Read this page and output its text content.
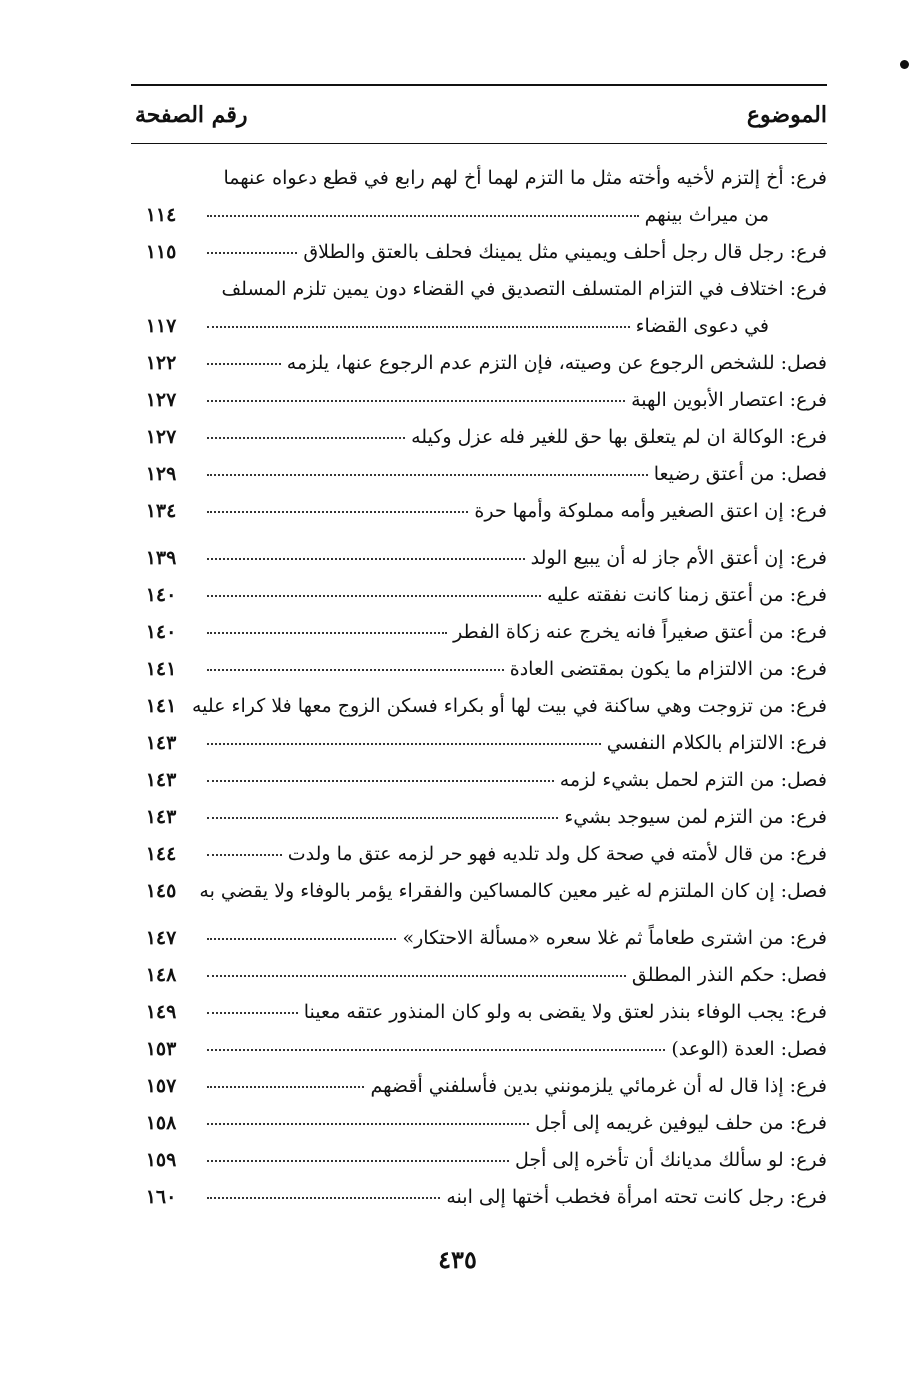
الموضوع
رقم الصفحة
فرع: أخ إلتزم لأخيه وأخته مثل ما التزم لهما أخ لهم رابع في قطع دعواه عنهما
من ميراث بينهم
١١٤
فرع: رجل قال رجل أحلف ويميني مثل يمينك فحلف بالعتق والطلاق
١١٥
فرع: اختلاف في التزام المتسلف التصديق في القضاء دون يمين تلزم المسلف
في دعوى القضاء
١١٧
فصل: للشخص الرجوع عن وصيته، فإن التزم عدم الرجوع عنها، يلزمه
١٢٢
فرع: اعتصار الأبوين الهبة
١٢٧
فرع: الوكالة ان لم يتعلق بها حق للغير فله عزل وكيله
١٢٧
فصل: من أعتق رضيعا
١٢٩
فرع: إن اعتق الصغير وأمه مملوكة وأمها حرة
١٣٤
فرع: إن أعتق الأم جاز له أن يبيع الولد
١٣٩
فرع: من أعتق زمنا كانت نفقته عليه
١٤٠
فرع: من أعتق صغيراً فانه يخرج عنه زكاة الفطر
١٤٠
فرع: من الالتزام ما يكون بمقتضى العادة
١٤١
فرع: من تزوجت وهي ساكنة في بيت لها أو بكراء فسكن الزوج معها فلا كراء عليه
١٤١
فرع: الالتزام بالكلام النفسي
١٤٣
فصل: من التزم لحمل بشيء لزمه
١٤٣
فرع: من التزم لمن سيوجد بشيء
١٤٣
فرع: من قال لأمته في صحة كل ولد تلديه فهو حر لزمه عتق ما ولدت
١٤٤
فصل: إن كان الملتزم له غير معين كالمساكين والفقراء يؤمر بالوفاء ولا يقضي به
١٤٥
فرع: من اشترى طعاماً ثم غلا سعره «مسألة الاحتكار»
١٤٧
فصل: حكم النذر المطلق
١٤٨
فرع: يجب الوفاء بنذر لعتق ولا يقضى به ولو كان المنذور عتقه معينا
١٤٩
فصل: العدة (الوعد)
١٥٣
فرع: إذا قال له أن غرمائي يلزمونني بدين فأسلفني أقضهم
١٥٧
فرع: من حلف ليوفين غريمه إلى أجل
١٥٨
فرع: لو سألك مديانك أن تأخره إلى أجل
١٥٩
فرع: رجل كانت تحته امرأة فخطب أختها إلى ابنه
١٦٠
٤٣٥
